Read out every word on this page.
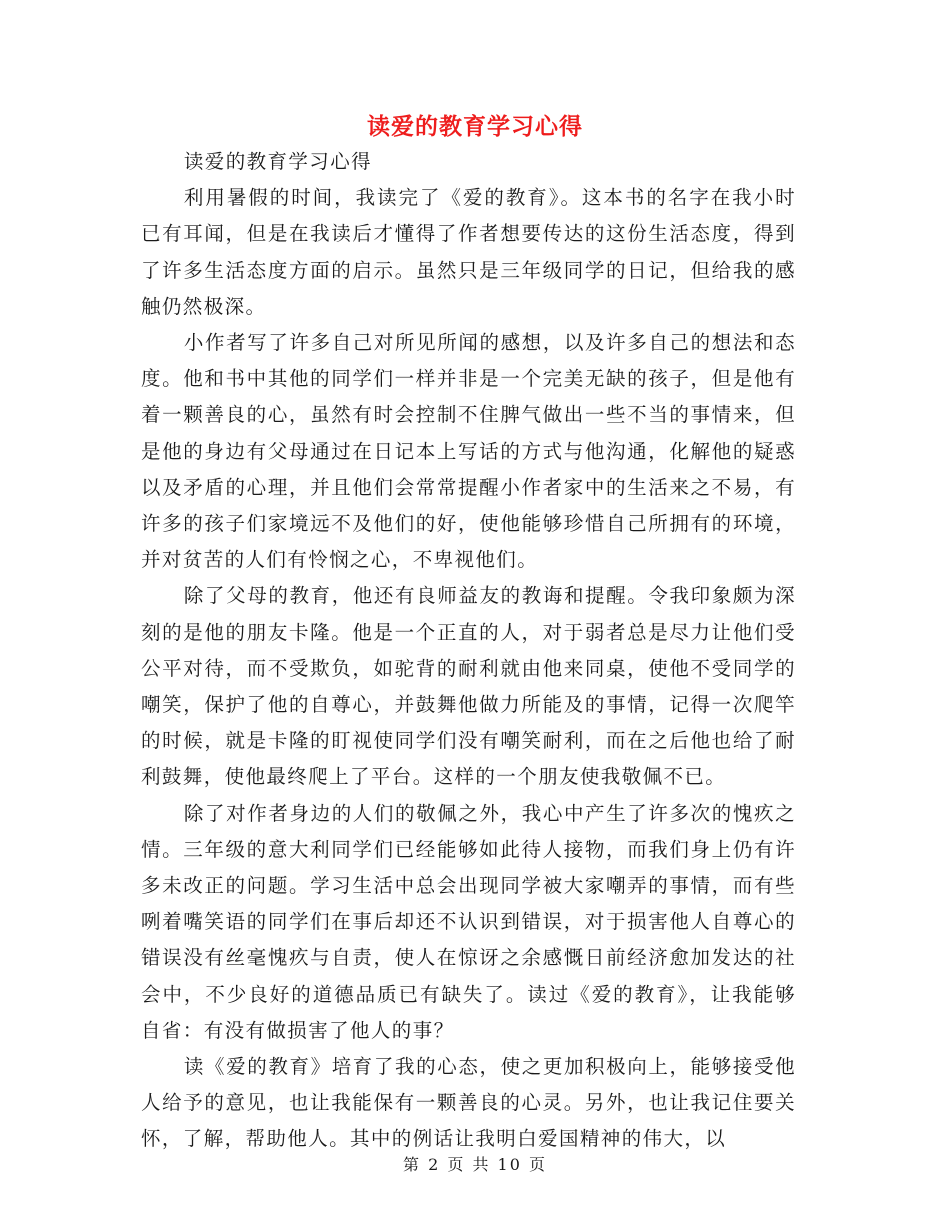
读爱的教育学习心得

读爱的教育学习心得

利用暑假的时间，我读完了《爱的教育》。这本书的名字在我小时已有耳闻，但是在我读后才懂得了作者想要传达的这份生活态度，得到了许多生活态度方面的启示。虽然只是三年级同学的日记，但给我的感触仍然极深。

小作者写了许多自己对所见所闻的感想，以及许多自己的想法和态度。他和书中其他的同学们一样并非是一个完美无缺的孩子，但是他有着一颗善良的心，虽然有时会控制不住脾气做出一些不当的事情来，但是他的身边有父母通过在日记本上写话的方式与他沟通，化解他的疑惑以及矛盾的心理，并且他们会常常提醒小作者家中的生活来之不易，有许多的孩子们家境远不及他们的好，使他能够珍惜自己所拥有的环境，并对贫苦的人们有怜悯之心，不卑视他们。

除了父母的教育，他还有良师益友的教诲和提醒。令我印象颇为深刻的是他的朋友卡隆。他是一个正直的人，对于弱者总是尽力让他们受公平对待，而不受欺负，如驼背的耐利就由他来同桌，使他不受同学的嘲笑，保护了他的自尊心，并鼓舞他做力所能及的事情，记得一次爬竿的时候，就是卡隆的盯视使同学们没有嘲笑耐利，而在之后他也给了耐利鼓舞，使他最终爬上了平台。这样的一个朋友使我敬佩不已。

除了对作者身边的人们的敬佩之外，我心中产生了许多次的愧疚之情。三年级的意大利同学们已经能够如此待人接物，而我们身上仍有许多未改正的问题。学习生活中总会出现同学被大家嘲弄的事情，而有些咧着嘴笑语的同学们在事后却还不认识到错误，对于损害他人自尊心的错误没有丝毫愧疚与自责，使人在惊讶之余感慨日前经济愈加发达的社会中，不少良好的道德品质已有缺失了。读过《爱的教育》，让我能够自省：有没有做损害了他人的事？

读《爱的教育》培育了我的心态，使之更加积极向上，能够接受他人给予的意见，也让我能保有一颗善良的心灵。另外，也让我记住要关怀，了解，帮助他人。其中的例话让我明白爱国精神的伟大，以

第 2 页 共 10 页
